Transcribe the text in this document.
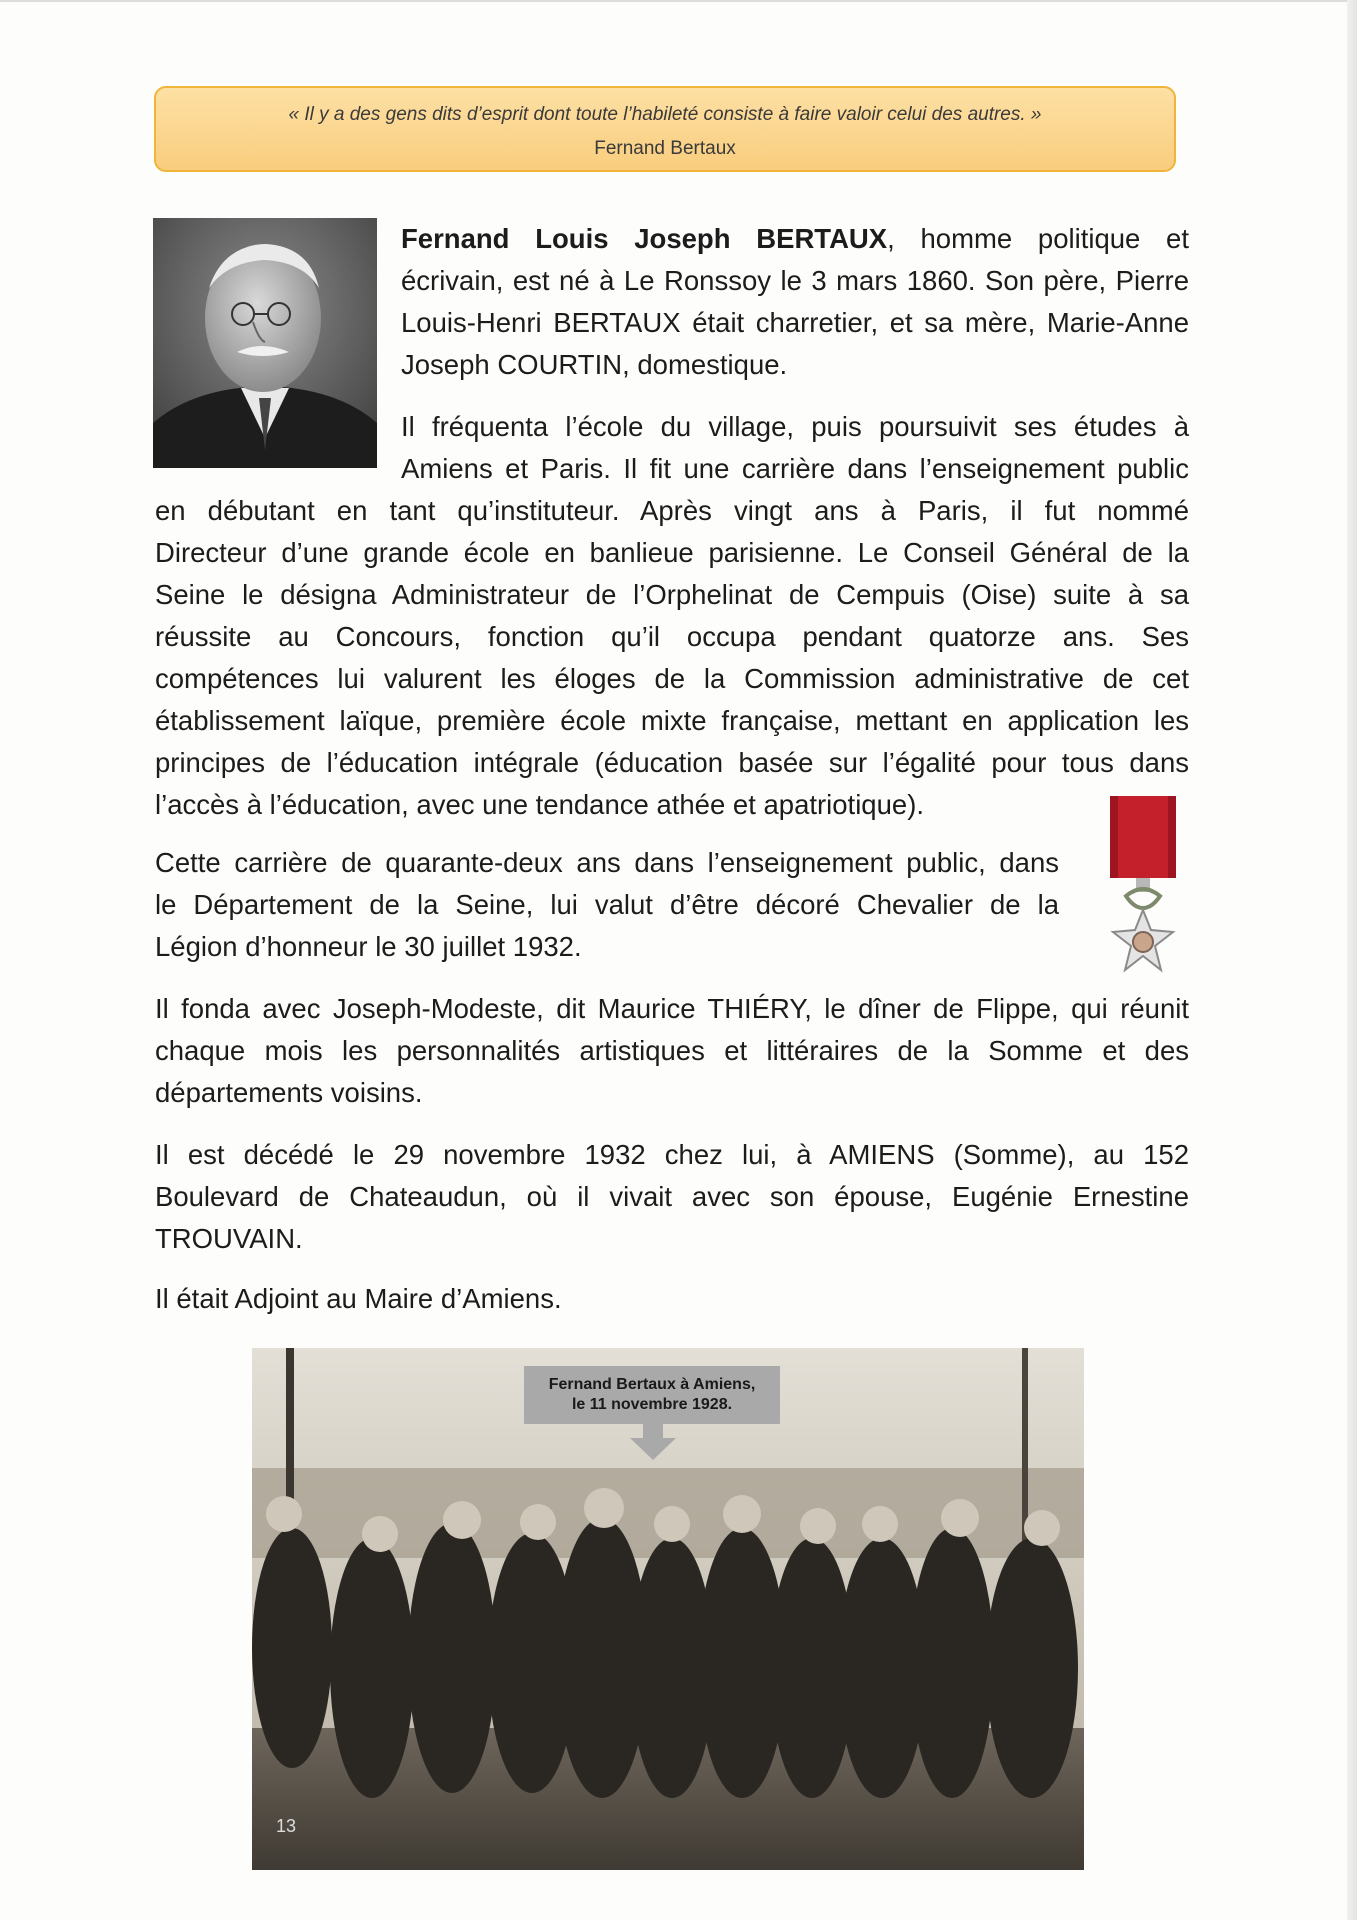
« Il y a des gens dits d’esprit dont toute l’habileté consiste à faire valoir celui des autres. »
Fernand Bertaux
Fernand Louis Joseph BERTAUX, homme politique et
écrivain, est né à Le Ronssoy le 3 mars 1860. Son père, Pierre
Louis-Henri BERTAUX était charretier, et sa mère, Marie-Anne
Joseph COURTIN, domestique.
Il fréquenta l’école du village, puis poursuivit ses études à
Amiens et Paris. Il fit une carrière dans l’enseignement public
en débutant en tant qu’instituteur. Après vingt ans à Paris, il fut nommé
Directeur d’une grande école en banlieue parisienne. Le Conseil Général de la
Seine le désigna Administrateur de l’Orphelinat de Cempuis (Oise) suite à sa
réussite au Concours, fonction qu’il occupa pendant quatorze ans. Ses
compétences lui valurent les éloges de la Commission administrative de cet
établissement laïque, première école mixte française, mettant en application les
principes de l’éducation intégrale (éducation basée sur l’égalité pour tous dans
l’accès à l’éducation, avec une tendance athée et apatriotique).
Cette carrière de quarante-deux ans dans l’enseignement public, dans
le Département de la Seine, lui valut d’être décoré Chevalier de la
Légion d’honneur le 30 juillet 1932.
Il fonda avec Joseph-Modeste, dit Maurice THIÉRY, le dîner de Flippe, qui réunit
chaque mois les personnalités artistiques et littéraires de la Somme et des
départements voisins.
Il est décédé le 29 novembre 1932 chez lui, à AMIENS (Somme), au 152
Boulevard de Chateaudun, où il vivait avec son épouse, Eugénie Ernestine
TROUVAIN.
Il était Adjoint au Maire d’Amiens.
Fernand Bertaux à Amiens,
le 11 novembre 1928.
13
